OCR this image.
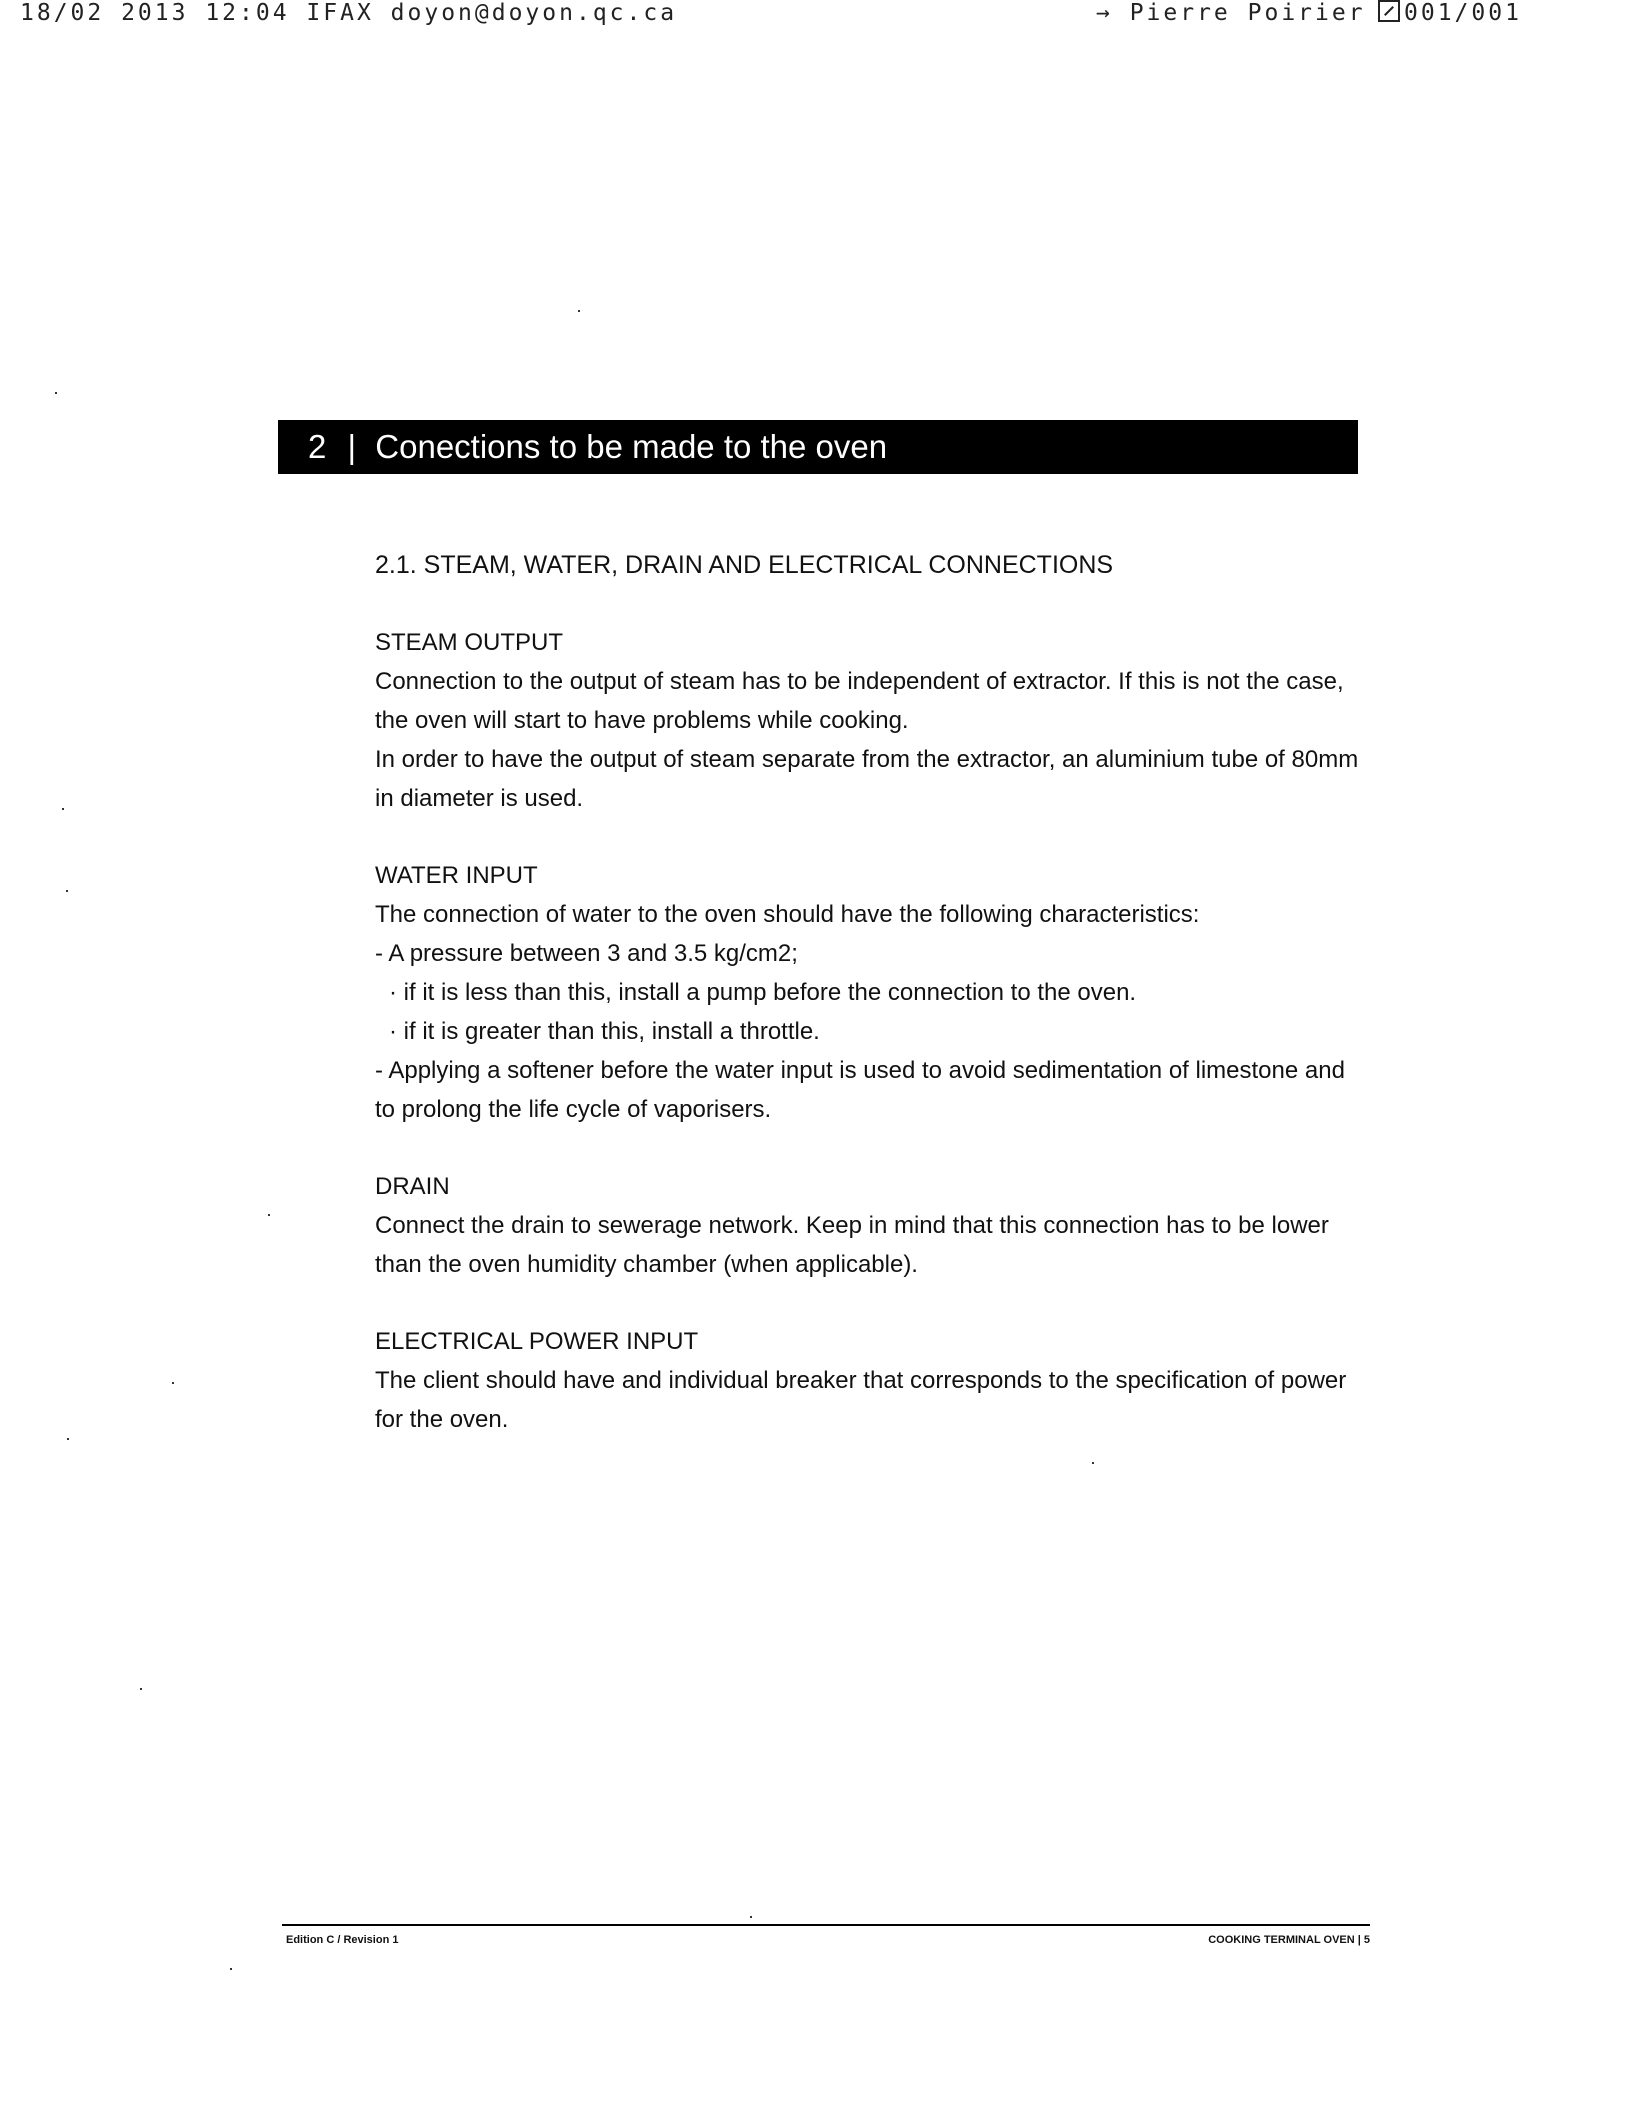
18/02 2013 12:04 IFAX doyon@doyon.qc.ca	→ Pierre Poirier	001/001
2 | Conections to be made to the oven

2.1. STEAM, WATER, DRAIN AND ELECTRICAL CONNECTIONS

STEAM OUTPUT

Connection to the output of steam has to be independent of extractor. If this is not the case, the oven will start to have problems while cooking.

In order to have the output of steam separate from the extractor, an aluminium tube of 80mm in diameter is used.

WATER INPUT

The connection of water to the oven should have the following characteristics:

- A pressure between 3 and 3.5 kg/cm2;

· if it is less than this, install a pump before the connection to the oven.

· if it is greater than this, install a throttle.

- Applying a softener before the water input is used to avoid sedimentation of limestone and to prolong the life cycle of vaporisers.

DRAIN

Connect the drain to sewerage network. Keep in mind that this connection has to be lower than the oven humidity chamber (when applicable).

ELECTRICAL POWER INPUT

The client should have and individual breaker that corresponds to the specification of power for the oven.

Edition C / Revision 1	COOKING TERMINAL OVEN | 5
